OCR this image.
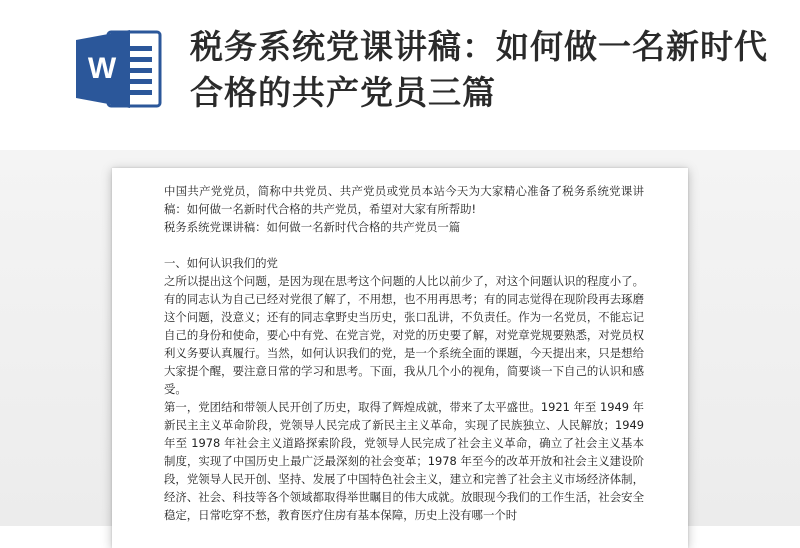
W
税务系统党课讲稿：如何做一名新时代合格的共产党员三篇

中国共产党党员，简称中共党员、共产党员或党员本站今天为大家精心准备了税务系统党课讲稿：如何做一名新时代合格的共产党员，希望对大家有所帮助!

税务系统党课讲稿：如何做一名新时代合格的共产党员一篇

一、如何认识我们的党

之所以提出这个问题，是因为现在思考这个问题的人比以前少了，对这个问题认识的程度小了。有的同志认为自己已经对党很了解了，不用想，也不用再思考；有的同志觉得在现阶段再去琢磨这个问题，没意义；还有的同志拿野史当历史，张口乱讲，不负责任。作为一名党员，不能忘记自己的身份和使命，要心中有党、在党言党，对党的历史要了解，对党章党规要熟悉，对党员权利义务要认真履行。当然，如何认识我们的党，是一个系统全面的课题，今天提出来，只是想给大家提个醒，要注意日常的学习和思考。下面，我从几个小的视角，简要谈一下自己的认识和感受。

第一，党团结和带领人民开创了历史，取得了辉煌成就，带来了太平盛世。1921 年至 1949 年新民主主义革命阶段，党领导人民完成了新民主主义革命，实现了民族独立、人民解放；1949 年至 1978 年社会主义道路探索阶段，党领导人民完成了社会主义革命，确立了社会主义基本制度，实现了中国历史上最广泛最深刻的社会变革；1978 年至今的改革开放和社会主义建设阶段，党领导人民开创、坚持、发展了中国特色社会主义，建立和完善了社会主义市场经济体制，经济、社会、科技等各个领域都取得举世瞩目的伟大成就。放眼现今我们的工作生活，社会安全稳定，日常吃穿不愁，教育医疗住房有基本保障，历史上没有哪一个时
